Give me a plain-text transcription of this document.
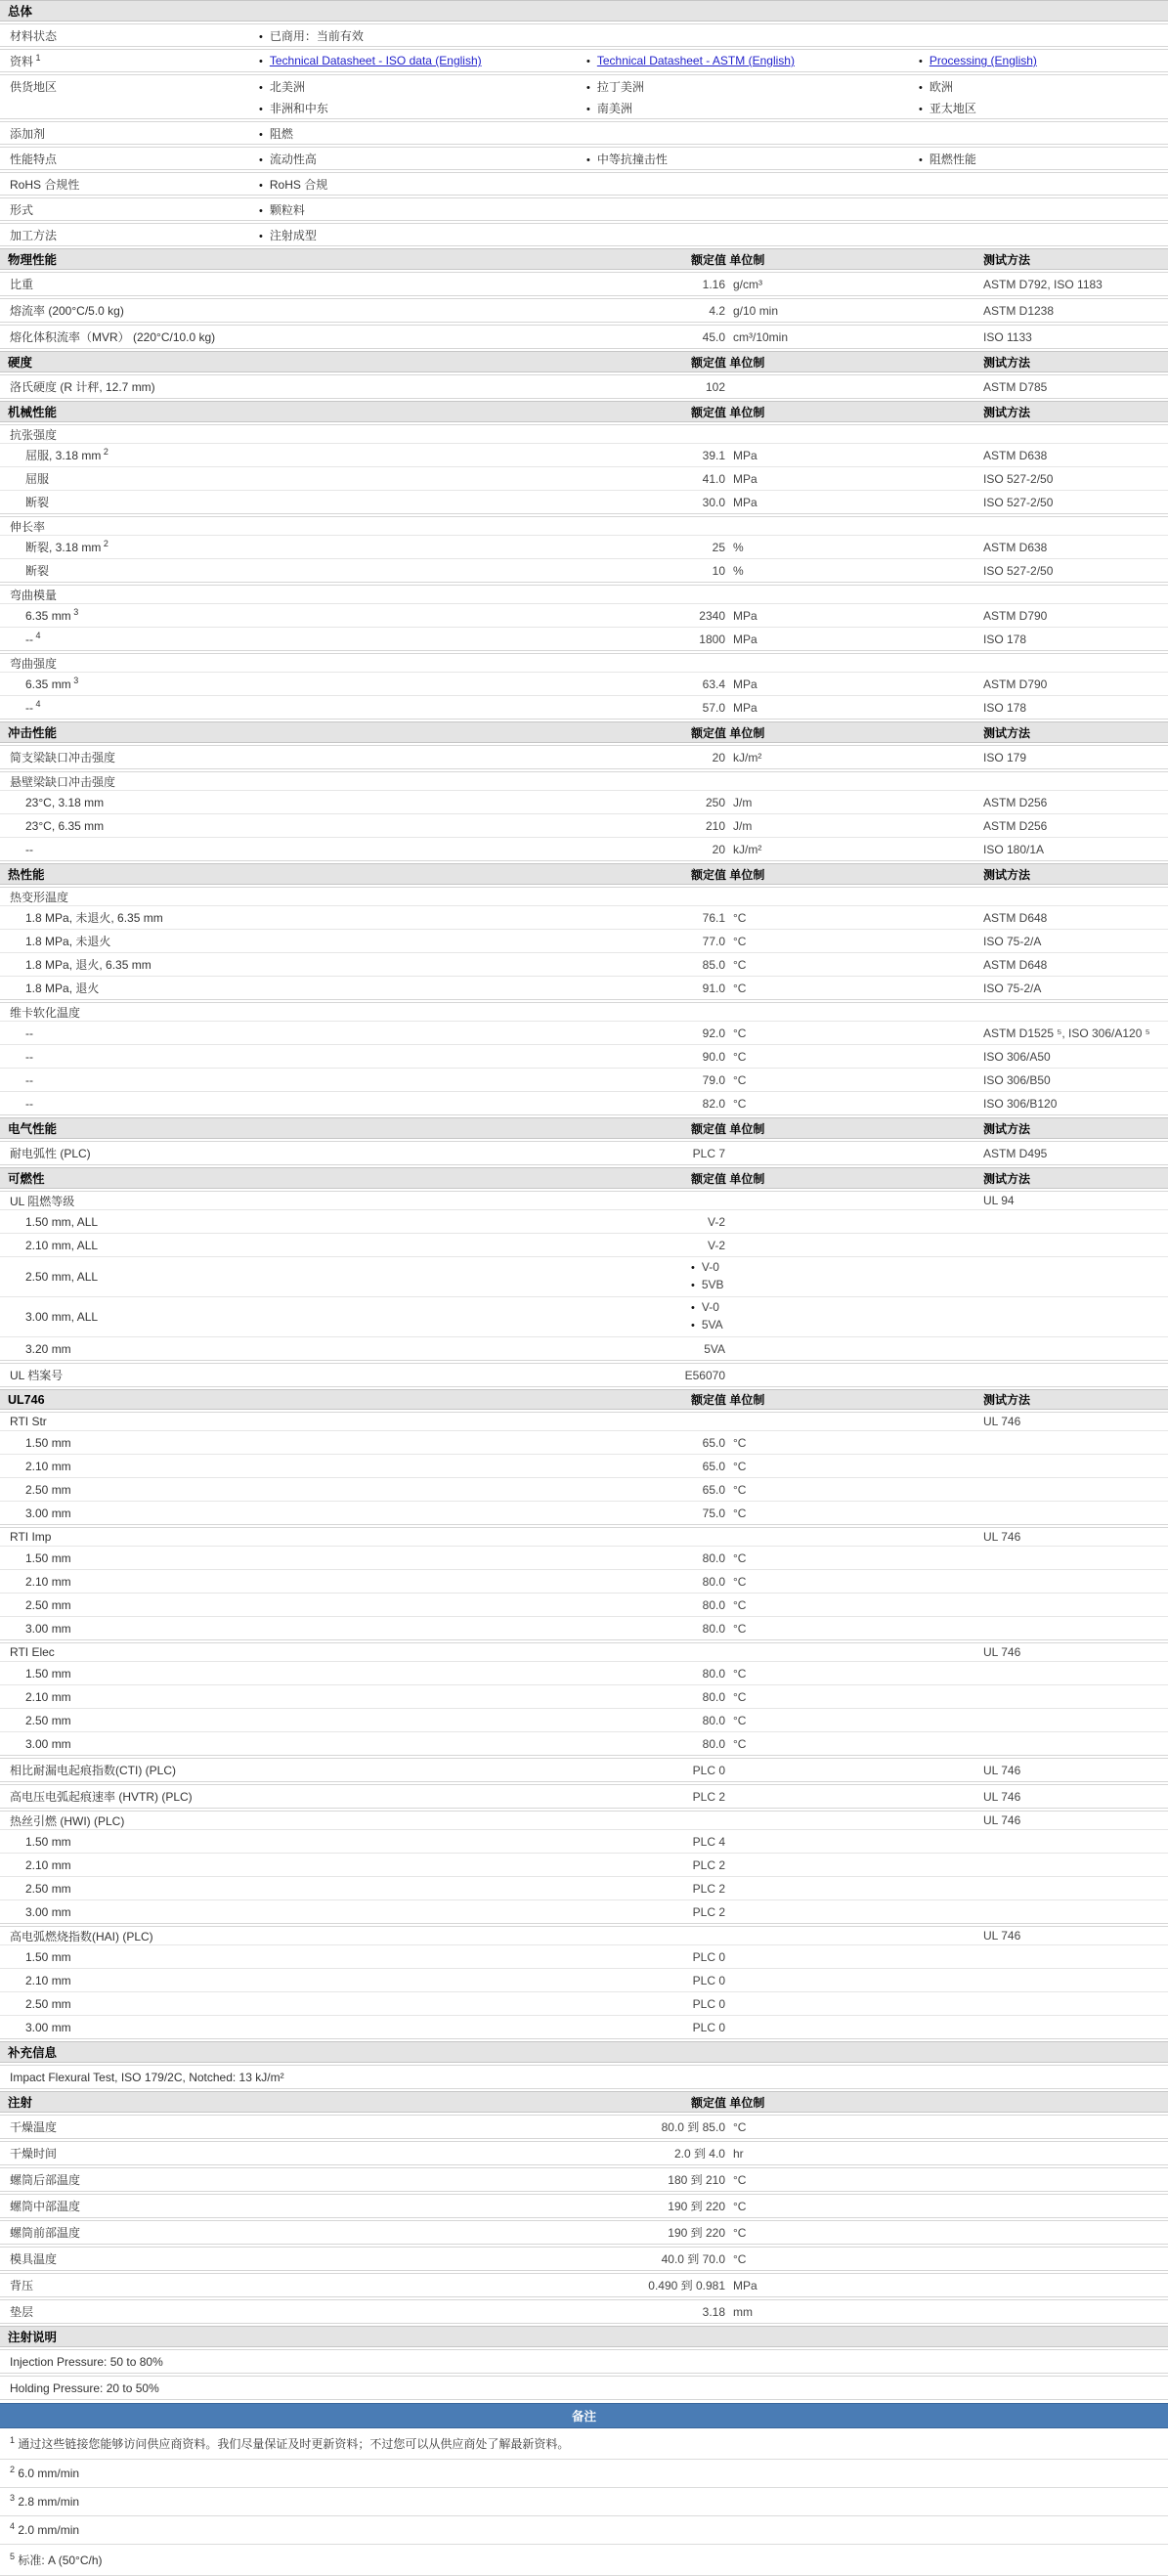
总体
材料状态	• 已商用：当前有效
资料 $^1$	• Technical Datasheet - ISO data (English)	• Technical Datasheet - ASTM (English)	• Processing (English)
供货地区	• 北美洲	• 拉丁美洲	• 欧洲
• 非洲和中东	• 南美洲	• 亚太地区
添加剂	• 阻燃
性能特点	• 流动性高	• 中等抗撞击性	• 阻燃性能
RoHS 合规性	• RoHS 合规
形式	• 颗粒料
加工方法	• 注射成型
物理性能	额定值 单位制	测试方法
比重	1.16 g/cm³	ASTM D792, ISO 1183
熔流率 (200°C/5.0 kg)	4.2 g/10 min	ASTM D1238
熔化体积流率（MVR） (220°C/10.0 kg)	45.0 cm³/10min	ISO 1133
硬度	额定值 单位制	测试方法
洛氏硬度 (R 计秤, 12.7 mm)	102	ASTM D785
机械性能	额定值 单位制	测试方法
抗张强度
屈服, 3.18 mm $^2$	39.1 MPa	ASTM D638
屈服	41.0 MPa	ISO 527-2/50
断裂	30.0 MPa	ISO 527-2/50
伸长率
断裂, 3.18 mm $^2$	25 %	ASTM D638
断裂	10 %	ISO 527-2/50
弯曲模量
6.35 mm $^3$	2340 MPa	ASTM D790
-- $^4$	1800 MPa	ISO 178
弯曲强度
6.35 mm $^3$	63.4 MPa	ASTM D790
-- $^4$	57.0 MPa	ISO 178
冲击性能	额定值 单位制	测试方法
简支梁缺口冲击强度	20 kJ/m²	ISO 179
悬壁梁缺口冲击强度
23°C, 3.18 mm	250 J/m	ASTM D256
23°C, 6.35 mm	210 J/m	ASTM D256
--	20 kJ/m²	ISO 180/1A
热性能	额定值 单位制	测试方法
热变形温度
1.8 MPa, 未退火, 6.35 mm	76.1 °C	ASTM D648
1.8 MPa, 未退火	77.0 °C	ISO 75-2/A
1.8 MPa, 退火, 6.35 mm	85.0 °C	ASTM D648
1.8 MPa, 退火	91.0 °C	ISO 75-2/A
维卡软化温度
--	92.0 °C	ASTM D1525 ⁵, ISO 306/A120 ⁵
--	90.0 °C	ISO 306/A50
--	79.0 °C	ISO 306/B50
--	82.0 °C	ISO 306/B120
电气性能	额定值 单位制	测试方法
耐电弧性 (PLC)	PLC 7	ASTM D495
可燃性	额定值 单位制	测试方法
UL 阻燃等级	UL 94
1.50 mm, ALL	V-2
2.10 mm, ALL	V-2
2.50 mm, ALL
• V-0
• 5VB
3.00 mm, ALL
• V-0
• 5VA
3.20 mm	5VA
UL 档案号	E56070
UL746	额定值 单位制	测试方法
RTI Str	UL 746
1.50 mm	65.0 °C
2.10 mm	65.0 °C
2.50 mm	65.0 °C
3.00 mm	75.0 °C
RTI Imp	UL 746
1.50 mm	80.0 °C
2.10 mm	80.0 °C
2.50 mm	80.0 °C
3.00 mm	80.0 °C
RTI Elec	UL 746
1.50 mm	80.0 °C
2.10 mm	80.0 °C
2.50 mm	80.0 °C
3.00 mm	80.0 °C
相比耐漏电起痕指数(CTI) (PLC)	PLC 0	UL 746
高电压电弧起痕速率 (HVTR) (PLC)	PLC 2	UL 746
热丝引燃 (HWI) (PLC)	UL 746
1.50 mm	PLC 4
2.10 mm	PLC 2
2.50 mm	PLC 2
3.00 mm	PLC 2
高电弧燃烧指数(HAI) (PLC)	UL 746
1.50 mm	PLC 0
2.10 mm	PLC 0
2.50 mm	PLC 0
3.00 mm	PLC 0
补充信息
Impact Flexural Test, ISO 179/2C, Notched: 13 kJ/m²
注射	额定值 单位制
干燥温度	80.0 到 85.0 °C
干燥时间	2.0 到 4.0 hr
螺筒后部温度	180 到 210 °C
螺筒中部温度	190 到 220 °C
螺筒前部温度	190 到 220 °C
模具温度	40.0 到 70.0 °C
背压	0.490 到 0.981 MPa
垫层	3.18 mm
注射说明
Injection Pressure: 50 to 80%
Holding Pressure: 20 to 50%
备注
$^1$ 通过这些链接您能够访问供应商资料。我们尽量保证及时更新资料；不过您可以从供应商处了解最新资料。
$^2$ 6.0 mm/min
$^3$ 2.8 mm/min
$^4$ 2.0 mm/min
$^5$ 标准: A (50°C/h)
